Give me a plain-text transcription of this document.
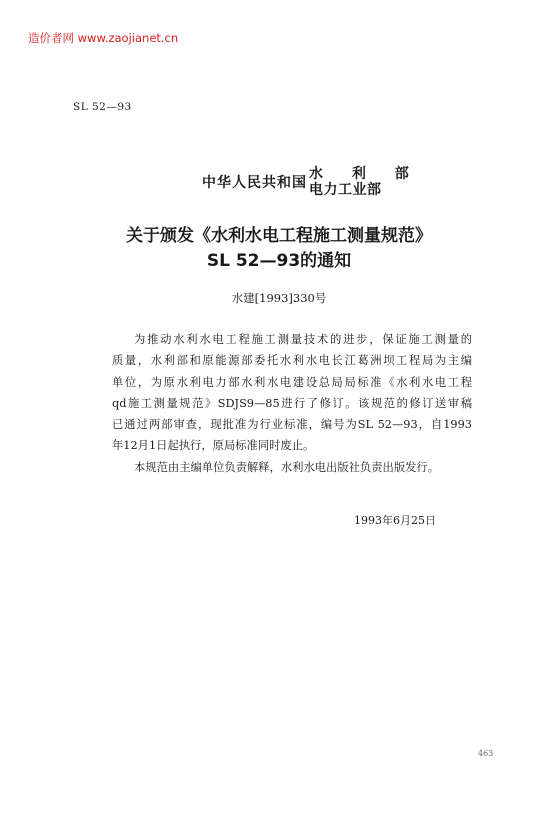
造价者网 www.zaojianet.cn
SL 52—93
中华人民共和国
水 利 部
电力工业部
关于颁发《水利水电工程施工测量规范》
SL 52—93的通知
水建[1993]330号
为推动水利水电工程施工测量技术的进步，保证施工测量的
质量，水利部和原能源部委托水利水电长江葛洲坝工程局为主编
单位，为原水利电力部水利水电建设总局局标准《水利水电工程
qd施工测量规范》SDJS9—85进行了修订。该规范的修订送审稿
已通过两部审查，现批准为行业标准，编号为SL 52—93，自1993
年12月1日起执行，原局标准同时废止。
本规范由主编单位负责解释，水利水电出版社负责出版发行。
1993年6月25日
463
